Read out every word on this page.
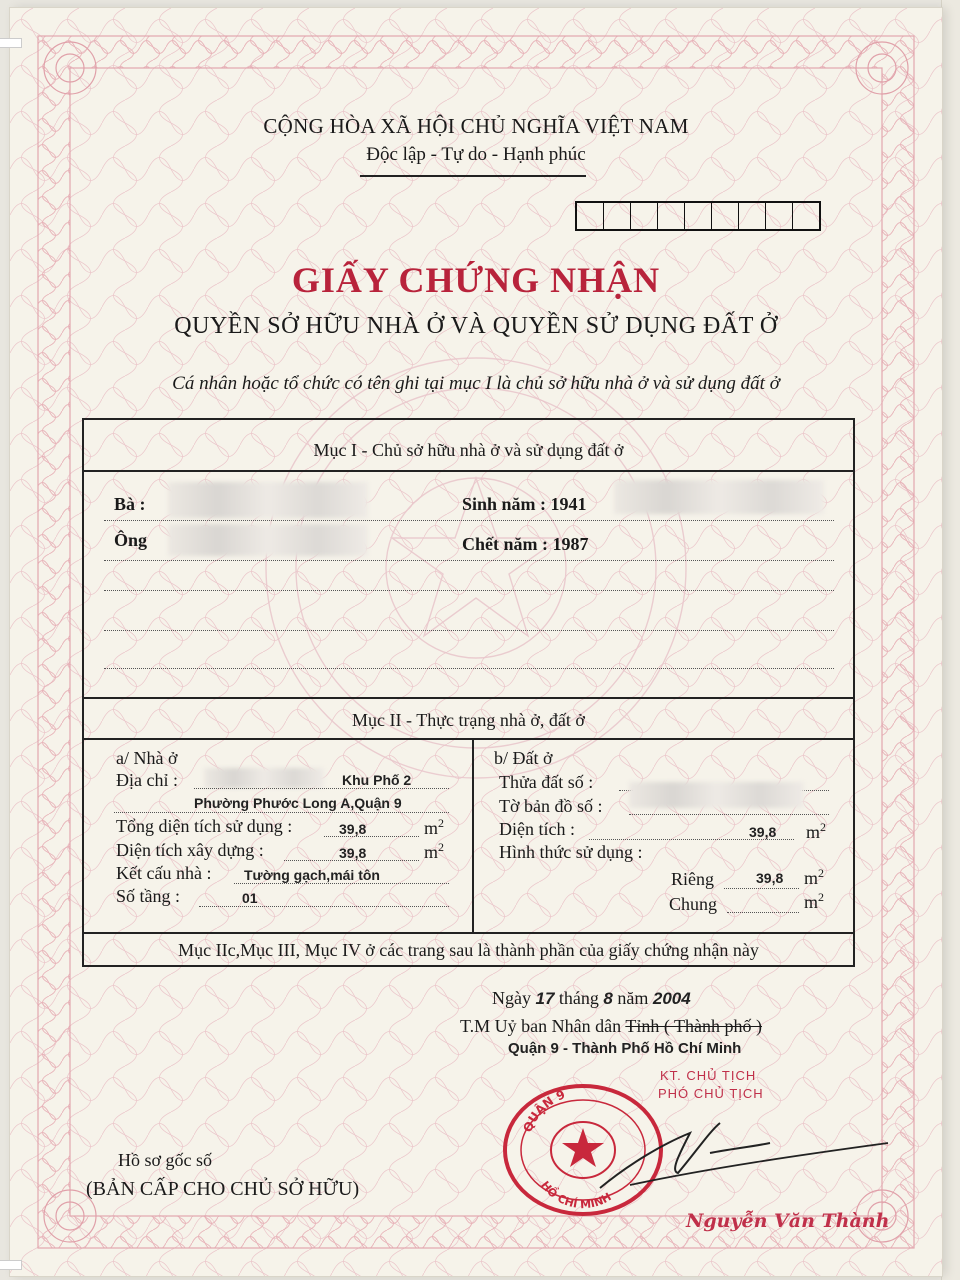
CỘNG HÒA XÃ HỘI CHỦ NGHĨA VIỆT NAM
Độc lập - Tự do - Hạnh phúc
GIẤY CHỨNG NHẬN
QUYỀN SỞ HỮU NHÀ Ở VÀ QUYỀN SỬ DỤNG ĐẤT Ở
Cá nhân hoặc tổ chức có tên ghi tại mục I là chủ sở hữu nhà ở và sử dụng đất ở
Mục I - Chủ sở hữu nhà ở và sử dụng đất ở
Bà :	Sinh năm : 1941
Ông	Chết năm : 1987
Mục II - Thực trạng nhà ở, đất ở
a/ Nhà ở
Địa chỉ :	Khu Phố 2
Phường Phước Long A,Quận 9
Tổng diện tích sử dụng :	39,8	$m^2$
Diện tích xây dựng :	39,8	$m^2$
Kết cấu nhà : Tường gạch,mái tôn
Số tầng :	01
b/ Đất ở
Thửa đất số :
Tờ bản đồ số :
Diện tích :	39,8 $m^2$
Hình thức sử dụng :
Riêng	39,8 $m^2$
Chung	$m^2$
Mục IIc,Mục III, Mục IV ở các trang sau là thành phần của giấy chứng nhận này
Ngày 17 tháng 8 năm 2004
T.M Uỷ ban Nhân dân Tỉnh ( Thành phố )
Quận 9 - Thành Phố Hồ Chí Minh
KT. CHỦ TỊCH
PHÓ CHỦ TỊCH
QUẬN 9
HỒ CHÍ MINH
Nguyễn Văn Thành
Hồ sơ gốc số
(BẢN CẤP CHO CHỦ SỞ HỮU)
